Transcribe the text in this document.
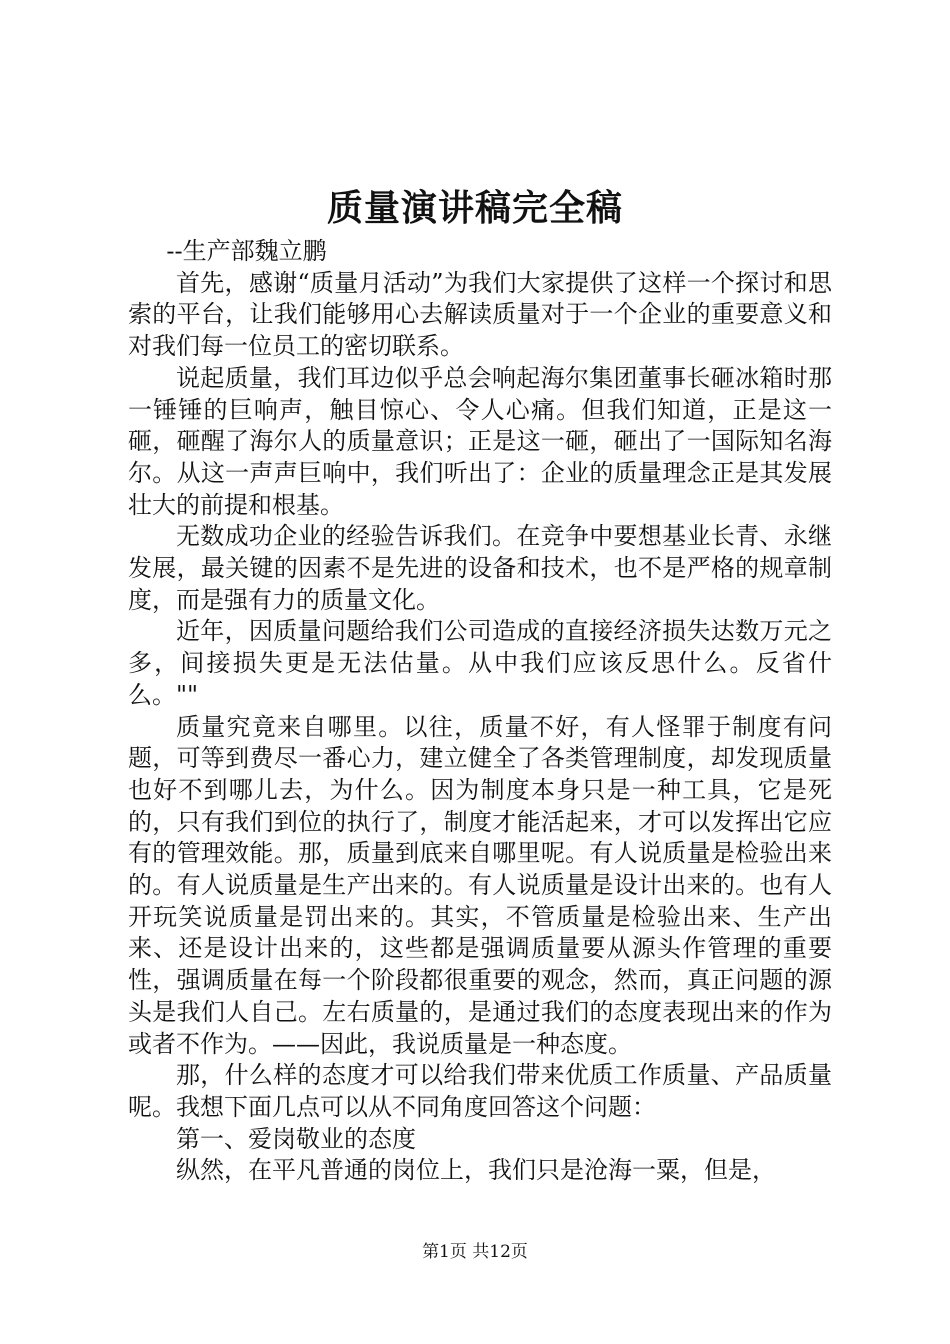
质量演讲稿完全稿

--生产部魏立鹏

首先，感谢“质量月活动”为我们大家提供了这样一个探讨和思索的平台，让我们能够用心去解读质量对于一个企业的重要意义和对我们每一位员工的密切联系。

说起质量，我们耳边似乎总会响起海尔集团董事长砸冰箱时那一锤锤的巨响声，触目惊心、令人心痛。但我们知道，正是这一砸，砸醒了海尔人的质量意识；正是这一砸，砸出了一国际知名海尔。从这一声声巨响中，我们听出了：企业的质量理念正是其发展壮大的前提和根基。

无数成功企业的经验告诉我们。在竞争中要想基业长青、永继发展，最关键的因素不是先进的设备和技术，也不是严格的规章制度，而是强有力的质量文化。

近年，因质量问题给我们公司造成的直接经济损失达数万元之多，间接损失更是无法估量。从中我们应该反思什么。反省什么。""

质量究竟来自哪里。以往，质量不好，有人怪罪于制度有问题，可等到费尽一番心力，建立健全了各类管理制度，却发现质量也好不到哪儿去，为什么。因为制度本身只是一种工具，它是死的，只有我们到位的执行了，制度才能活起来，才可以发挥出它应有的管理效能。那，质量到底来自哪里呢。有人说质量是检验出来的。有人说质量是生产出来的。有人说质量是设计出来的。也有人开玩笑说质量是罚出来的。其实，不管质量是检验出来、生产出来、还是设计出来的，这些都是强调质量要从源头作管理的重要性，强调质量在每一个阶段都很重要的观念，然而，真正问题的源头是我们人自己。左右质量的，是通过我们的态度表现出来的作为或者不作为。——因此，我说质量是一种态度。

那，什么样的态度才可以给我们带来优质工作质量、产品质量呢。我想下面几点可以从不同角度回答这个问题：

第一、爱岗敬业的态度

纵然，在平凡普通的岗位上，我们只是沧海一粟，但是，

第1页 共12页
